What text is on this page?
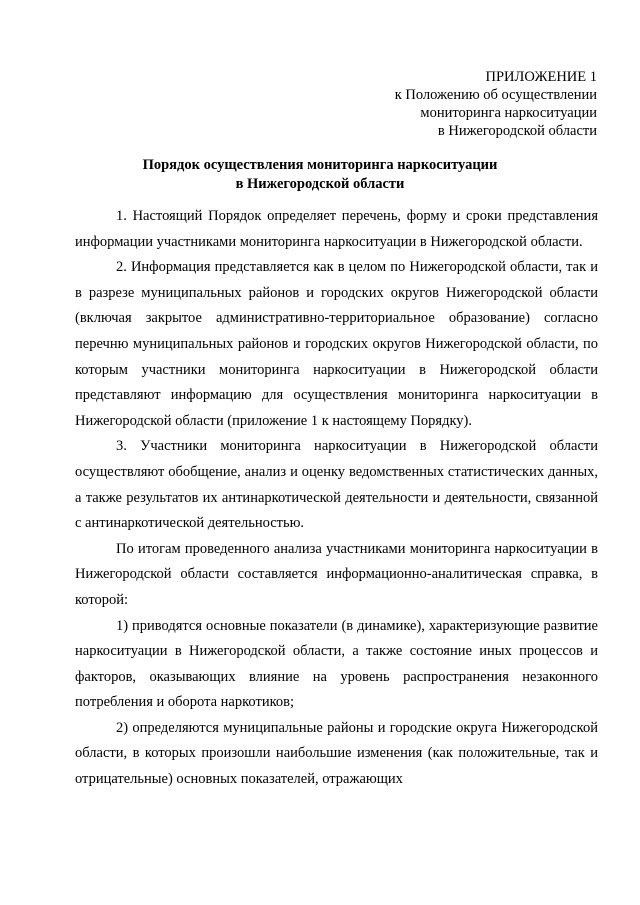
ПРИЛОЖЕНИЕ 1
к Положению об осуществлении
мониторинга наркоситуации
в Нижегородской области
Порядок осуществления мониторинга наркоситуации
в Нижегородской области

1. Настоящий Порядок определяет перечень, форму и сроки представления информации участниками мониторинга наркоситуации в Нижегородской области.

2. Информация представляется как в целом по Нижегородской области, так и в разрезе муниципальных районов и городских округов Нижегородской области (включая закрытое административно-территориальное образование) согласно перечню муниципальных районов и городских округов Нижегородской области, по которым участники мониторинга наркоситуации в Нижегородской области представляют информацию для осуществления мониторинга наркоситуации в Нижегородской области (приложение 1 к настоящему Порядку).

3. Участники мониторинга наркоситуации в Нижегородской области осуществляют обобщение, анализ и оценку ведомственных статистических данных, а также результатов их антинаркотической деятельности и деятельности, связанной с антинаркотической деятельностью.

По итогам проведенного анализа участниками мониторинга наркоситуации в Нижегородской области составляется информационно-аналитическая справка, в которой:

1) приводятся основные показатели (в динамике), характеризующие развитие наркоситуации в Нижегородской области, а также состояние иных процессов и факторов, оказывающих влияние на уровень распространения незаконного потребления и оборота наркотиков;

2) определяются муниципальные районы и городские округа Нижегородской области, в которых произошли наибольшие изменения (как положительные, так и отрицательные) основных показателей, отражающих
